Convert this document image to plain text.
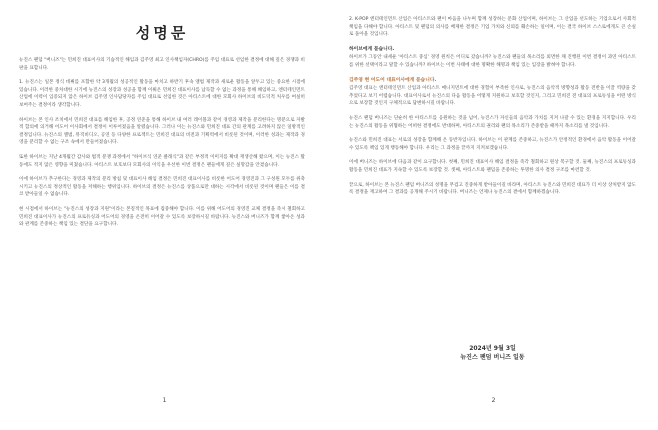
성명문

뉴진스 팬덤 "버니즈"는 민희진 대표이사의 기습적인 해임과 김주영 최고 인사책임자(CHRO)를 주임 대표로 선임한 결정에 대해 깊은 경쟁과 비판을 표합니다.

1. 뉴진스는 일본 정식 데뷔를 포함한 약 3개월의 성공적인 활동을 마치고 하반기 후속 앨범 제작과 새로운 활동을 앞두고 있는 중요한 시점에 있습니다. 이러한 중차대한 시기에 뉴진스의 성장과 성공을 함께 이뤄온 민희진 대표이사를 납득할 수 없는 과정을 통해 해임하고, 엔터테인먼트 산업에 이력이 입증되지 않은 하이브 김주영 인사담당자를 주임 대표로 선임한 것은 아티스트에 대한 모회사 하이브의 비도덕적 처우를 여실히 보여주는 결정이라 생각합니다.

하이브는 본 인사 조치에서 민희진 대표를 해임한 후, 공정 연준을 통해 하이브 내 여러 레이블과 같이 경영과 제작을 분리한다는 명분으로 자발적 합의에 의거해 어도어 이사회에서 결정이 이루어졌음을 알렸습니다. 그러나 이는 뉴진스와 민희진 대표 간의 관계를 고려하지 않은 일방적인 결정입니다. 뉴진스의 앨범, 뮤직비디오, 공연 등 다양한 프로젝트는 민희진 대표의 비전과 기획력에서 비롯된 것이며, 이러한 성과는 제작과 경영을 분리할 수 없는 구조 속에서 만들어졌습니다.

또한 하이브는 지난 4개월간 감사와 법적 분쟁 과정에서 "하이브식 연준 클래식"과 같은 부정적 이미지를 확대 재생산해 왔으며, 이는 뉴진스 활동에도 적지 않은 영향을 미쳤습니다. 아티스트 보호보다 모회사의 이익을 우선한 이번 결정은 팬들에게 깊은 실망감을 안겼습니다.

이에 하이브가 추구한다는 경영과 제작의 분리 방침 및 대표이사 해임 결정은 민희진 대표이사를 비롯한 어도어 경영진과 그 구성원 모두를 위축시키고 뉴진스의 정상적인 활동을 저해하는 행위입니다. 하이브의 결정은 뉴진스를 상품으로만 대하는 시각에서 비롯된 것이며 팬들은 이를 결코 받아들일 수 없습니다.

현 시점에서 하이브는 "뉴진스의 성장과 지원"이라는 본질적인 목표에 집중해야 합니다. 이를 위해 어도어의 경영진 교체 결정을 즉시 철회하고 민희진 대표이사가 뉴진스의 프로듀싱과 어도어의 경영을 온전히 이어갈 수 있도록 보장하시길 바랍니다. 뉴진스와 버니즈가 함께 쌓아온 성과와 관계를 존중하는 책임 있는 결단을 요구합니다.

1

2. K-POP 엔터테인먼트 산업은 아티스트와 팬이 마음을 나누며 함께 성장하는 문화 산업이며, 하이브는 그 산업을 선도하는 기업으로서 사회적 책임을 다해야 합니다. 아티스트 및 팬덤의 의사를 배제한 결정은 기업 가치와 신뢰를 훼손하는 일이며, 이는 결국 하이브 스스로에게도 큰 손실로 돌아올 것입니다.

하이브에게 묻습니다.

하이브가 그동안 내세운 '아티스트 중심' 경영 원칙은 어디로 갔습니까? 뉴진스와 팬들의 목소리를 외면한 채 진행된 이번 결정이 과연 아티스트를 위한 선택이라고 말할 수 있습니까? 하이브는 이번 사태에 대한 명확한 해명과 책임 있는 입장을 밝혀야 합니다.

김주영 현 어도어 대표이사에게 묻습니다.

김주영 대표는 엔터테인먼트 산업과 아티스트 매니지먼트에 대한 경험이 부족한 인사로, 뉴진스의 음악적 방향성과 활동 전반을 이끌 역량을 갖추었다고 보기 어렵습니다. 대표이사로서 뉴진스의 다음 활동을 어떻게 지원하고 보호할 것인지, 그리고 민희진 전 대표의 프로듀싱을 어떤 방식으로 보장할 것인지 구체적으로 답변하시길 바랍니다.

뉴진스 팬덤 버니즈는 단순히 한 아티스트를 응원하는 것을 넘어, 뉴진스가 자신들의 음악과 가치를 지켜 나갈 수 있는 환경을 지지합니다. 우리는 뉴진스의 활동을 위협하는 어떠한 결정에도 반대하며, 아티스트의 권리와 팬의 목소리가 존중받을 때까지 목소리를 낼 것입니다.

뉴진스와 민희진 대표는 서로의 성장을 함께해 온 동반자입니다. 하이브는 이 관계를 존중하고, 뉴진스가 안정적인 환경에서 음악 활동을 이어갈 수 있도록 책임 있게 행동해야 합니다. 우리는 그 과정을 끝까지 지켜보겠습니다.

이에 버니즈는 하이브에 다음과 같이 요구합니다. 첫째, 민희진 대표이사 해임 결정을 즉각 철회하고 원상 복구할 것. 둘째, 뉴진스의 프로듀싱과 활동을 민희진 대표가 지속할 수 있도록 보장할 것. 셋째, 아티스트와 팬덤을 존중하는 투명한 의사 결정 구조를 마련할 것.

끝으로, 하이브는 본 뉴진스 팬덤 버니즈의 성명을 무겁고 진중하게 받아들이길 바라며, 아티스트 뉴진스와 민희진 대표가 더 이상 상처받지 않도록 결정을 재고하여 그 결과를 공개해 주시기 바랍니다. 버니즈는 언제나 뉴진스의 곁에서 함께하겠습니다.

2024년 9월 3일
뉴진스 팬덤 버니즈 일동
2
